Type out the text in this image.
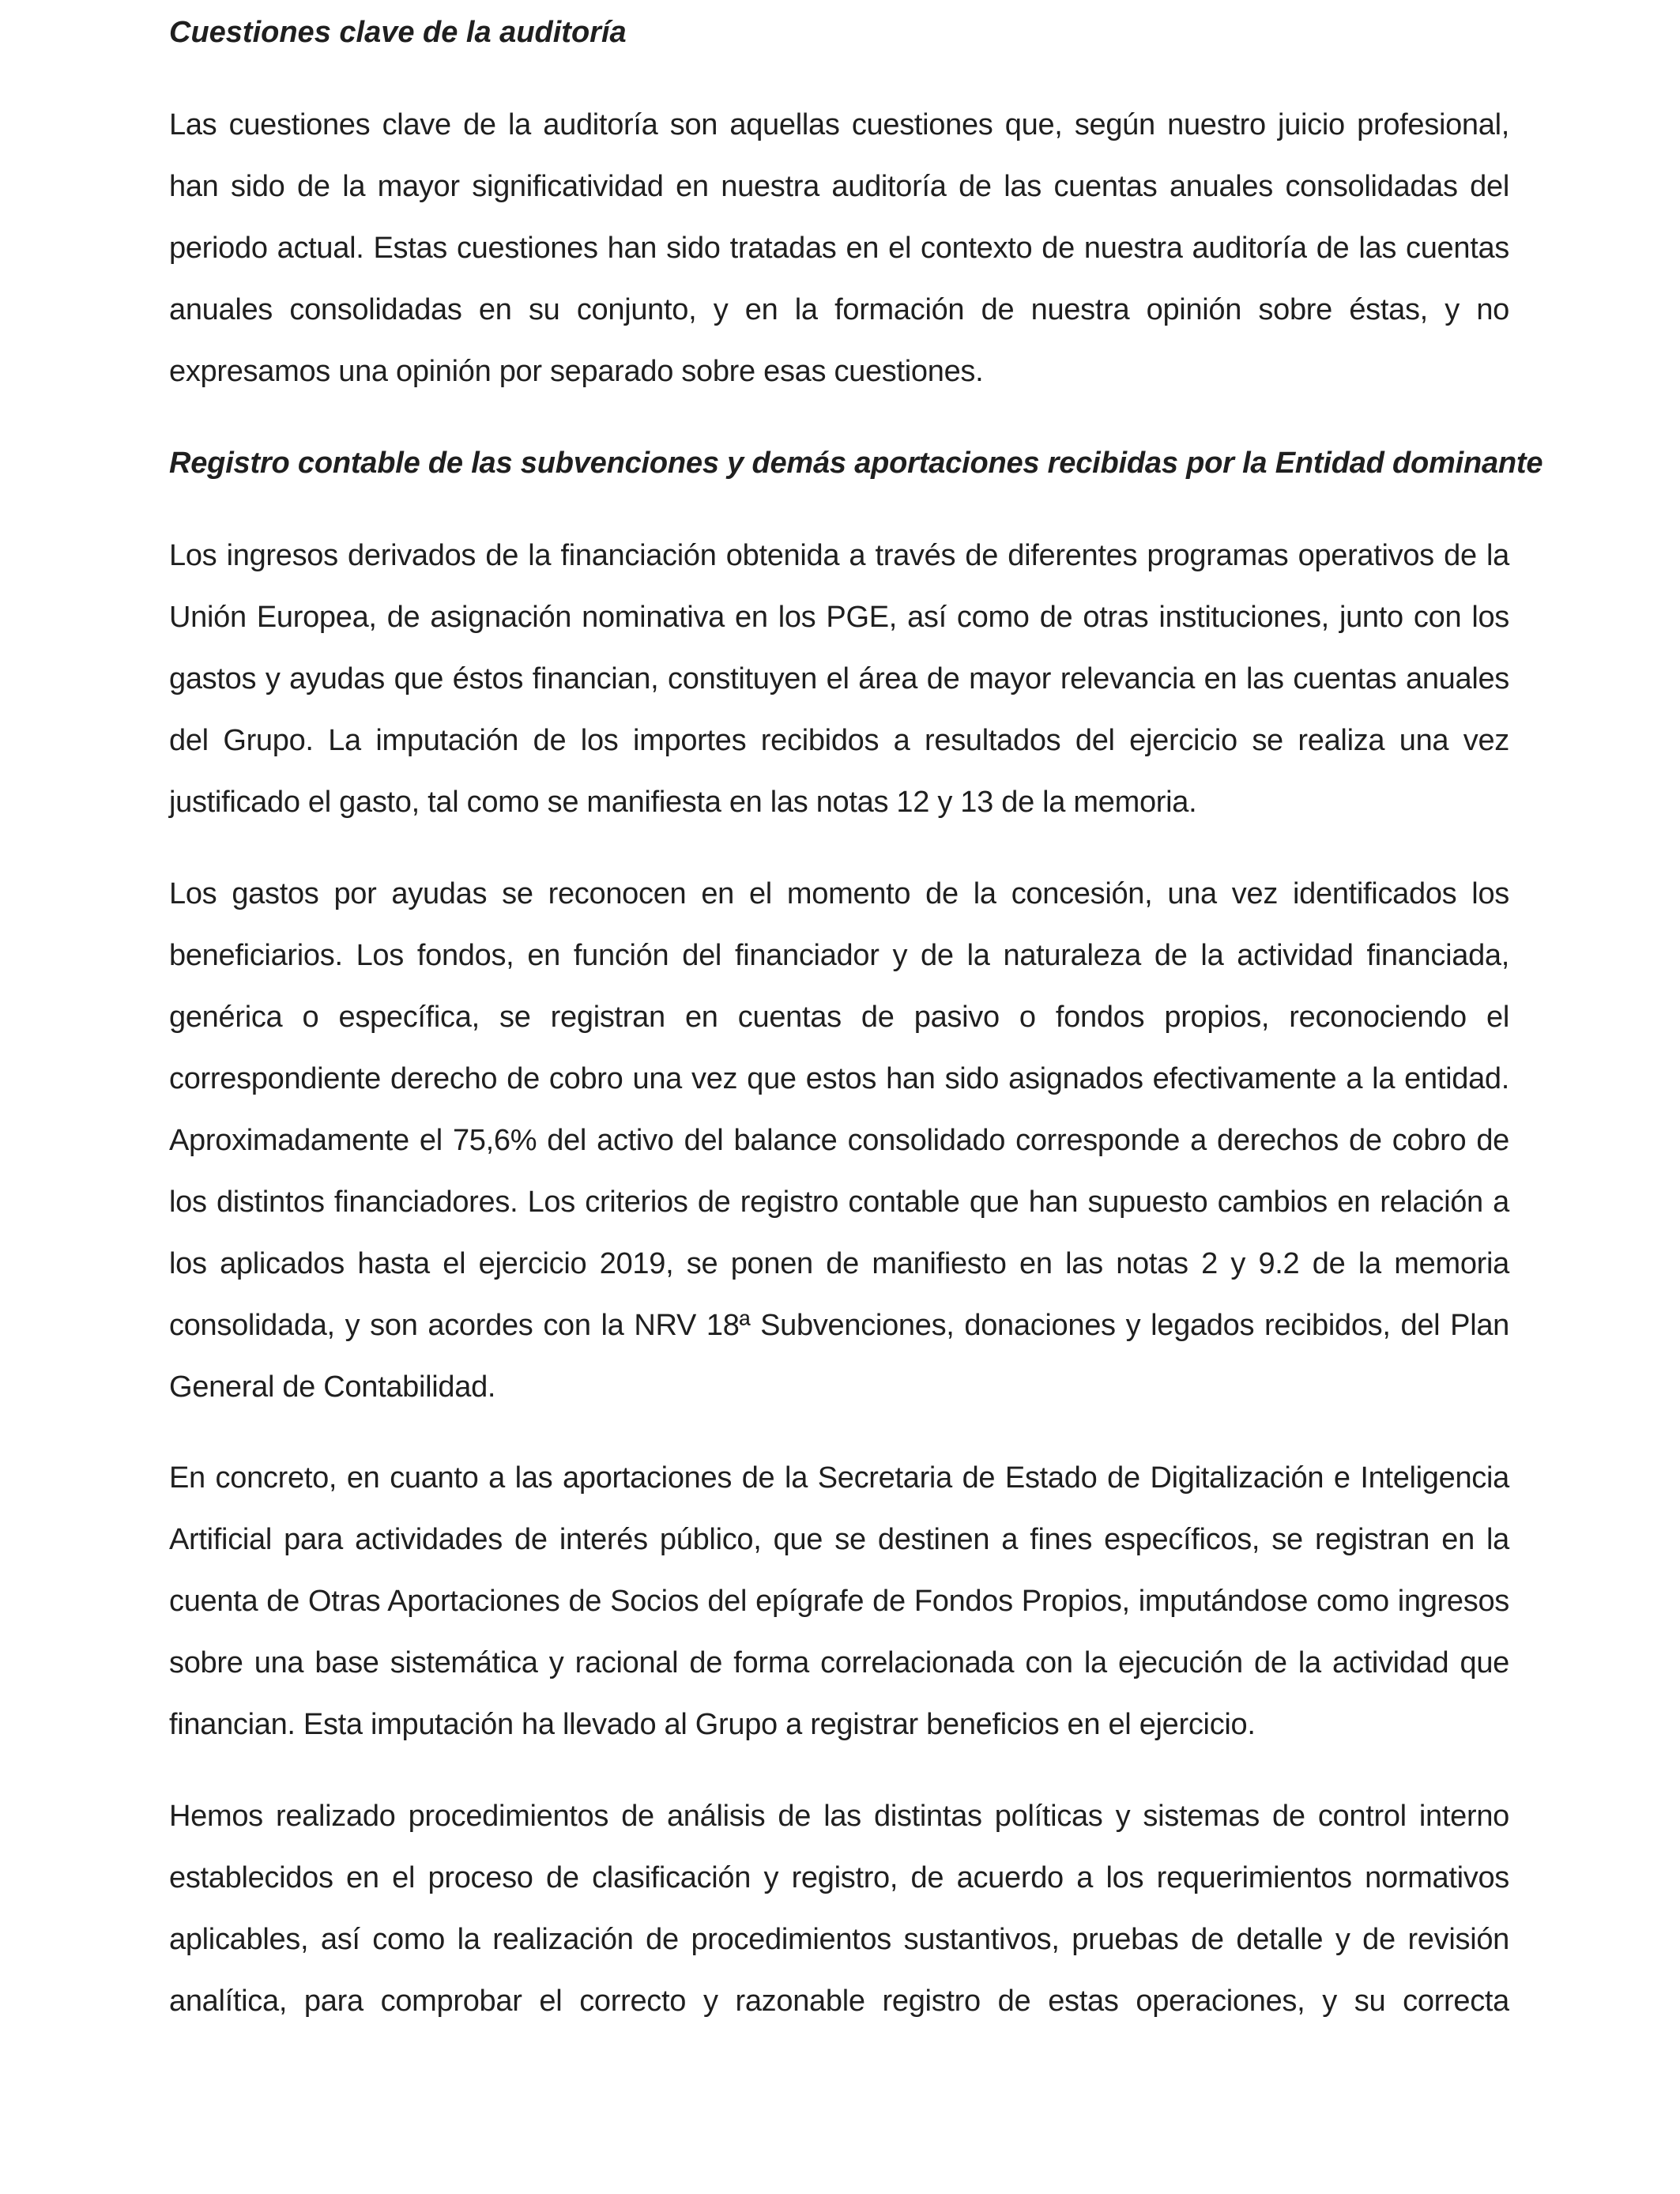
Cuestiones clave de la auditoría

Las cuestiones clave de la auditoría son aquellas cuestiones que, según nuestro juicio profesional, han sido de la mayor significatividad en nuestra auditoría de las cuentas anuales consolidadas del periodo actual. Estas cuestiones han sido tratadas en el contexto de nuestra auditoría de las cuentas anuales consolidadas en su conjunto, y en la formación de nuestra opinión sobre éstas, y no expresamos una opinión por separado sobre esas cuestiones.

Registro contable de las subvenciones y demás aportaciones recibidas por la Entidad dominante

Los ingresos derivados de la financiación obtenida a través de diferentes programas operativos de la Unión Europea, de asignación nominativa en los PGE, así como de otras instituciones, junto con los gastos y ayudas que éstos financian, constituyen el área de mayor relevancia en las cuentas anuales del Grupo. La imputación de los importes recibidos a resultados del ejercicio se realiza una vez justificado el gasto, tal como se manifiesta en las notas 12 y 13 de la memoria.

Los gastos por ayudas se reconocen en el momento de la concesión, una vez identificados los beneficiarios. Los fondos, en función del financiador y de la naturaleza de la actividad financiada, genérica o específica, se registran en cuentas de pasivo o fondos propios, reconociendo el correspondiente derecho de cobro una vez que estos han sido asignados efectivamente a la entidad. Aproximadamente el 75,6% del activo del balance consolidado corresponde a derechos de cobro de los distintos financiadores. Los criterios de registro contable que han supuesto cambios en relación a los aplicados hasta el ejercicio 2019, se ponen de manifiesto en las notas 2 y 9.2 de la memoria consolidada, y son acordes con la NRV 18ª Subvenciones, donaciones y legados recibidos, del Plan General de Contabilidad.

En concreto, en cuanto a las aportaciones de la Secretaria de Estado de Digitalización e Inteligencia Artificial para actividades de interés público, que se destinen a fines específicos, se registran en la cuenta de Otras Aportaciones de Socios del epígrafe de Fondos Propios, imputándose como ingresos sobre una base sistemática y racional de forma correlacionada con la ejecución de la actividad que financian. Esta imputación ha llevado al Grupo a registrar beneficios en el ejercicio.

Hemos realizado procedimientos de análisis de las distintas políticas y sistemas de control interno establecidos en el proceso de clasificación y registro, de acuerdo a los requerimientos normativos aplicables, así como la realización de procedimientos sustantivos, pruebas de detalle y de revisión analítica, para comprobar el correcto y razonable registro de estas operaciones, y su correcta
